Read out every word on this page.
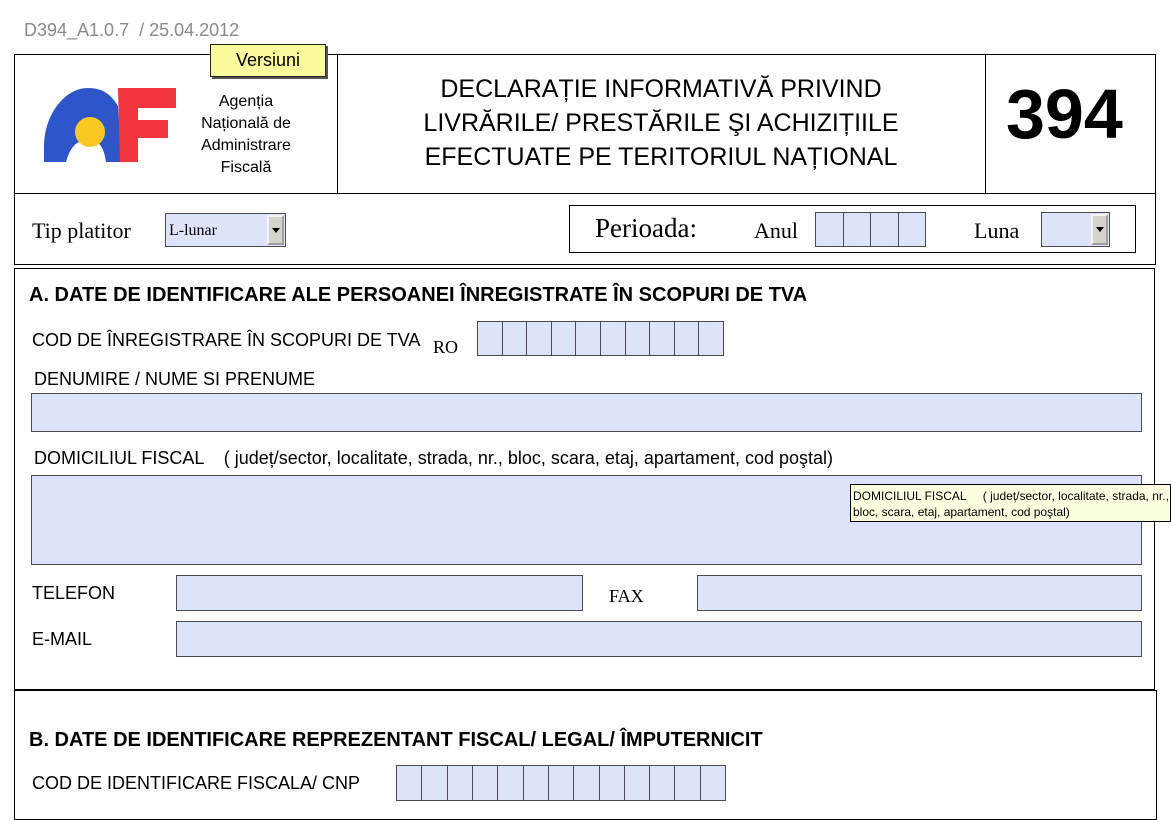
D394_A1.0.7  / 25.04.2012
Agenția
Națională de
Administrare
Fiscală
Versiuni
DECLARAȚIE INFORMATIVĂ PRIVIND
LIVRĂRILE/ PRESTĂRILE ŞI ACHIZIȚIILE
EFECTUATE PE TERITORIUL NAȚIONAL
394
Tip platitor L-lunar	Perioada:	Anul	Luna
A. DATE DE IDENTIFICARE ALE PERSOANEI ÎNREGISTRATE ÎN SCOPURI DE TVA
COD DE ÎNREGISTRARE ÎN SCOPURI DE TVA RO
DENUMIRE / NUME SI PRENUME
DOMICILIUL FISCAL    ( județ/sector, localitate, strada, nr., bloc, scara, etaj, apartament, cod poştal)
DOMICILIUL FISCAL     ( județ/sector, localitate, strada, nr.,
bloc, scara, etaj, apartament, cod poştal)
TELEFON	FAX
E-MAIL
B. DATE DE IDENTIFICARE REPREZENTANT FISCAL/ LEGAL/ ÎMPUTERNICIT
COD DE IDENTIFICARE FISCALA/ CNP
